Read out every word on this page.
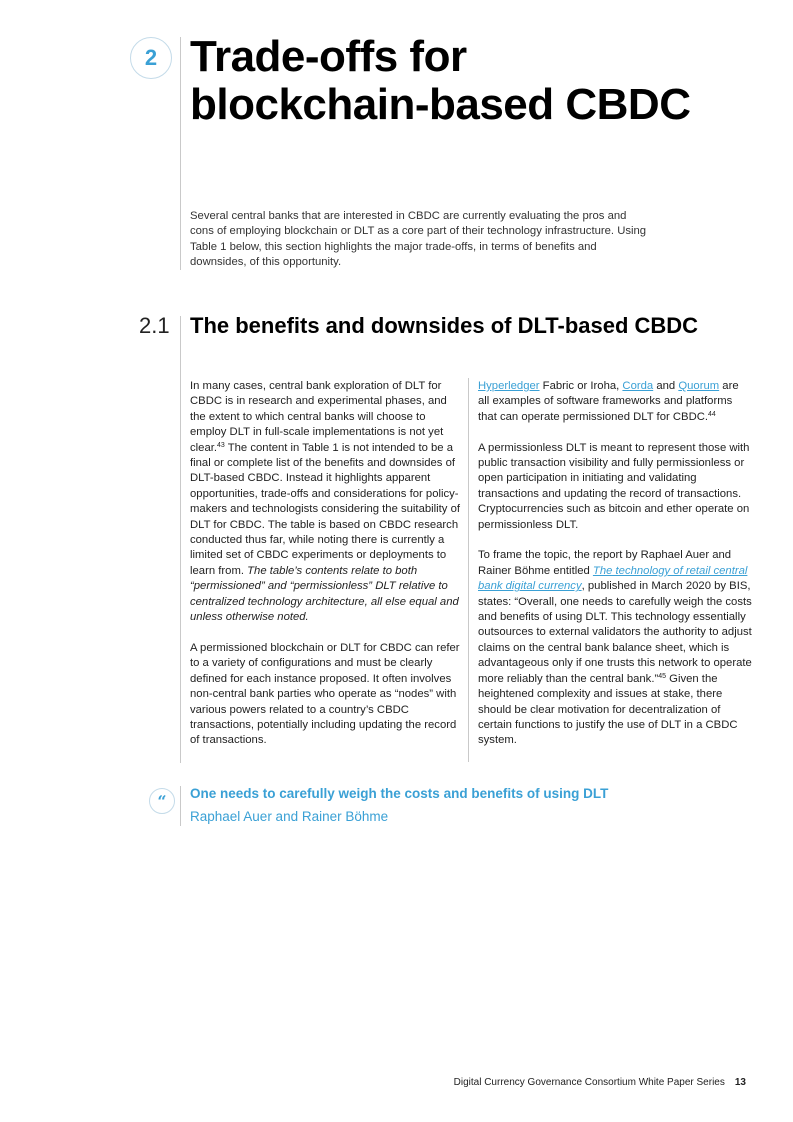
2 Trade-offs for
blockchain-based CBDC

Several central banks that are interested in CBDC are currently evaluating the pros and cons of employing blockchain or DLT as a core part of their technology infrastructure. Using Table 1 below, this section highlights the major trade-offs, in terms of benefits and downsides, of this opportunity.

2.1 The benefits and downsides of DLT-based CBDC

In many cases, central bank exploration of DLT for CBDC is in research and experimental phases, and the extent to which central banks will choose to employ DLT in full-scale implementations is not yet clear.$^{43}$ The content in Table 1 is not intended to be a final or complete list of the benefits and downsides of DLT-based CBDC. Instead it highlights apparent opportunities, trade-offs and considerations for policy-makers and technologists considering the suitability of DLT for CBDC. The table is based on CBDC research conducted thus far, while noting there is currently a limited set of CBDC experiments or deployments to learn from. The table’s contents relate to both “permissioned” and “permissionless” DLT relative to centralized technology architecture, all else equal and unless otherwise noted.

A permissioned blockchain or DLT for CBDC can refer to a variety of configurations and must be clearly defined for each instance proposed. It often involves non-central bank parties who operate as “nodes” with various powers related to a country’s CBDC transactions, potentially including updating the record of transactions.

Hyperledger Fabric or Iroha, Corda and Quorum are all examples of software frameworks and platforms that can operate permissioned DLT for CBDC.$^{44}$

A permissionless DLT is meant to represent those with public transaction visibility and fully permissionless or open participation in initiating and validating transactions and updating the record of transactions. Cryptocurrencies such as bitcoin and ether operate on permissionless DLT.

To frame the topic, the report by Raphael Auer and Rainer Böhme entitled The technology of retail central bank digital currency, published in March 2020 by BIS, states: “Overall, one needs to carefully weigh the costs and benefits of using DLT. This technology essentially outsources to external validators the authority to adjust claims on the central bank balance sheet, which is advantageous only if one trusts this network to operate more reliably than the central bank.”$^{45}$ Given the heightened complexity and issues at stake, there should be clear motivation for decentralization of certain functions to justify the use of DLT in a CBDC system.

“ One needs to carefully weigh the costs and benefits of using DLT

Raphael Auer and Rainer Böhme

Digital Currency Governance Consortium White Paper Series 13
